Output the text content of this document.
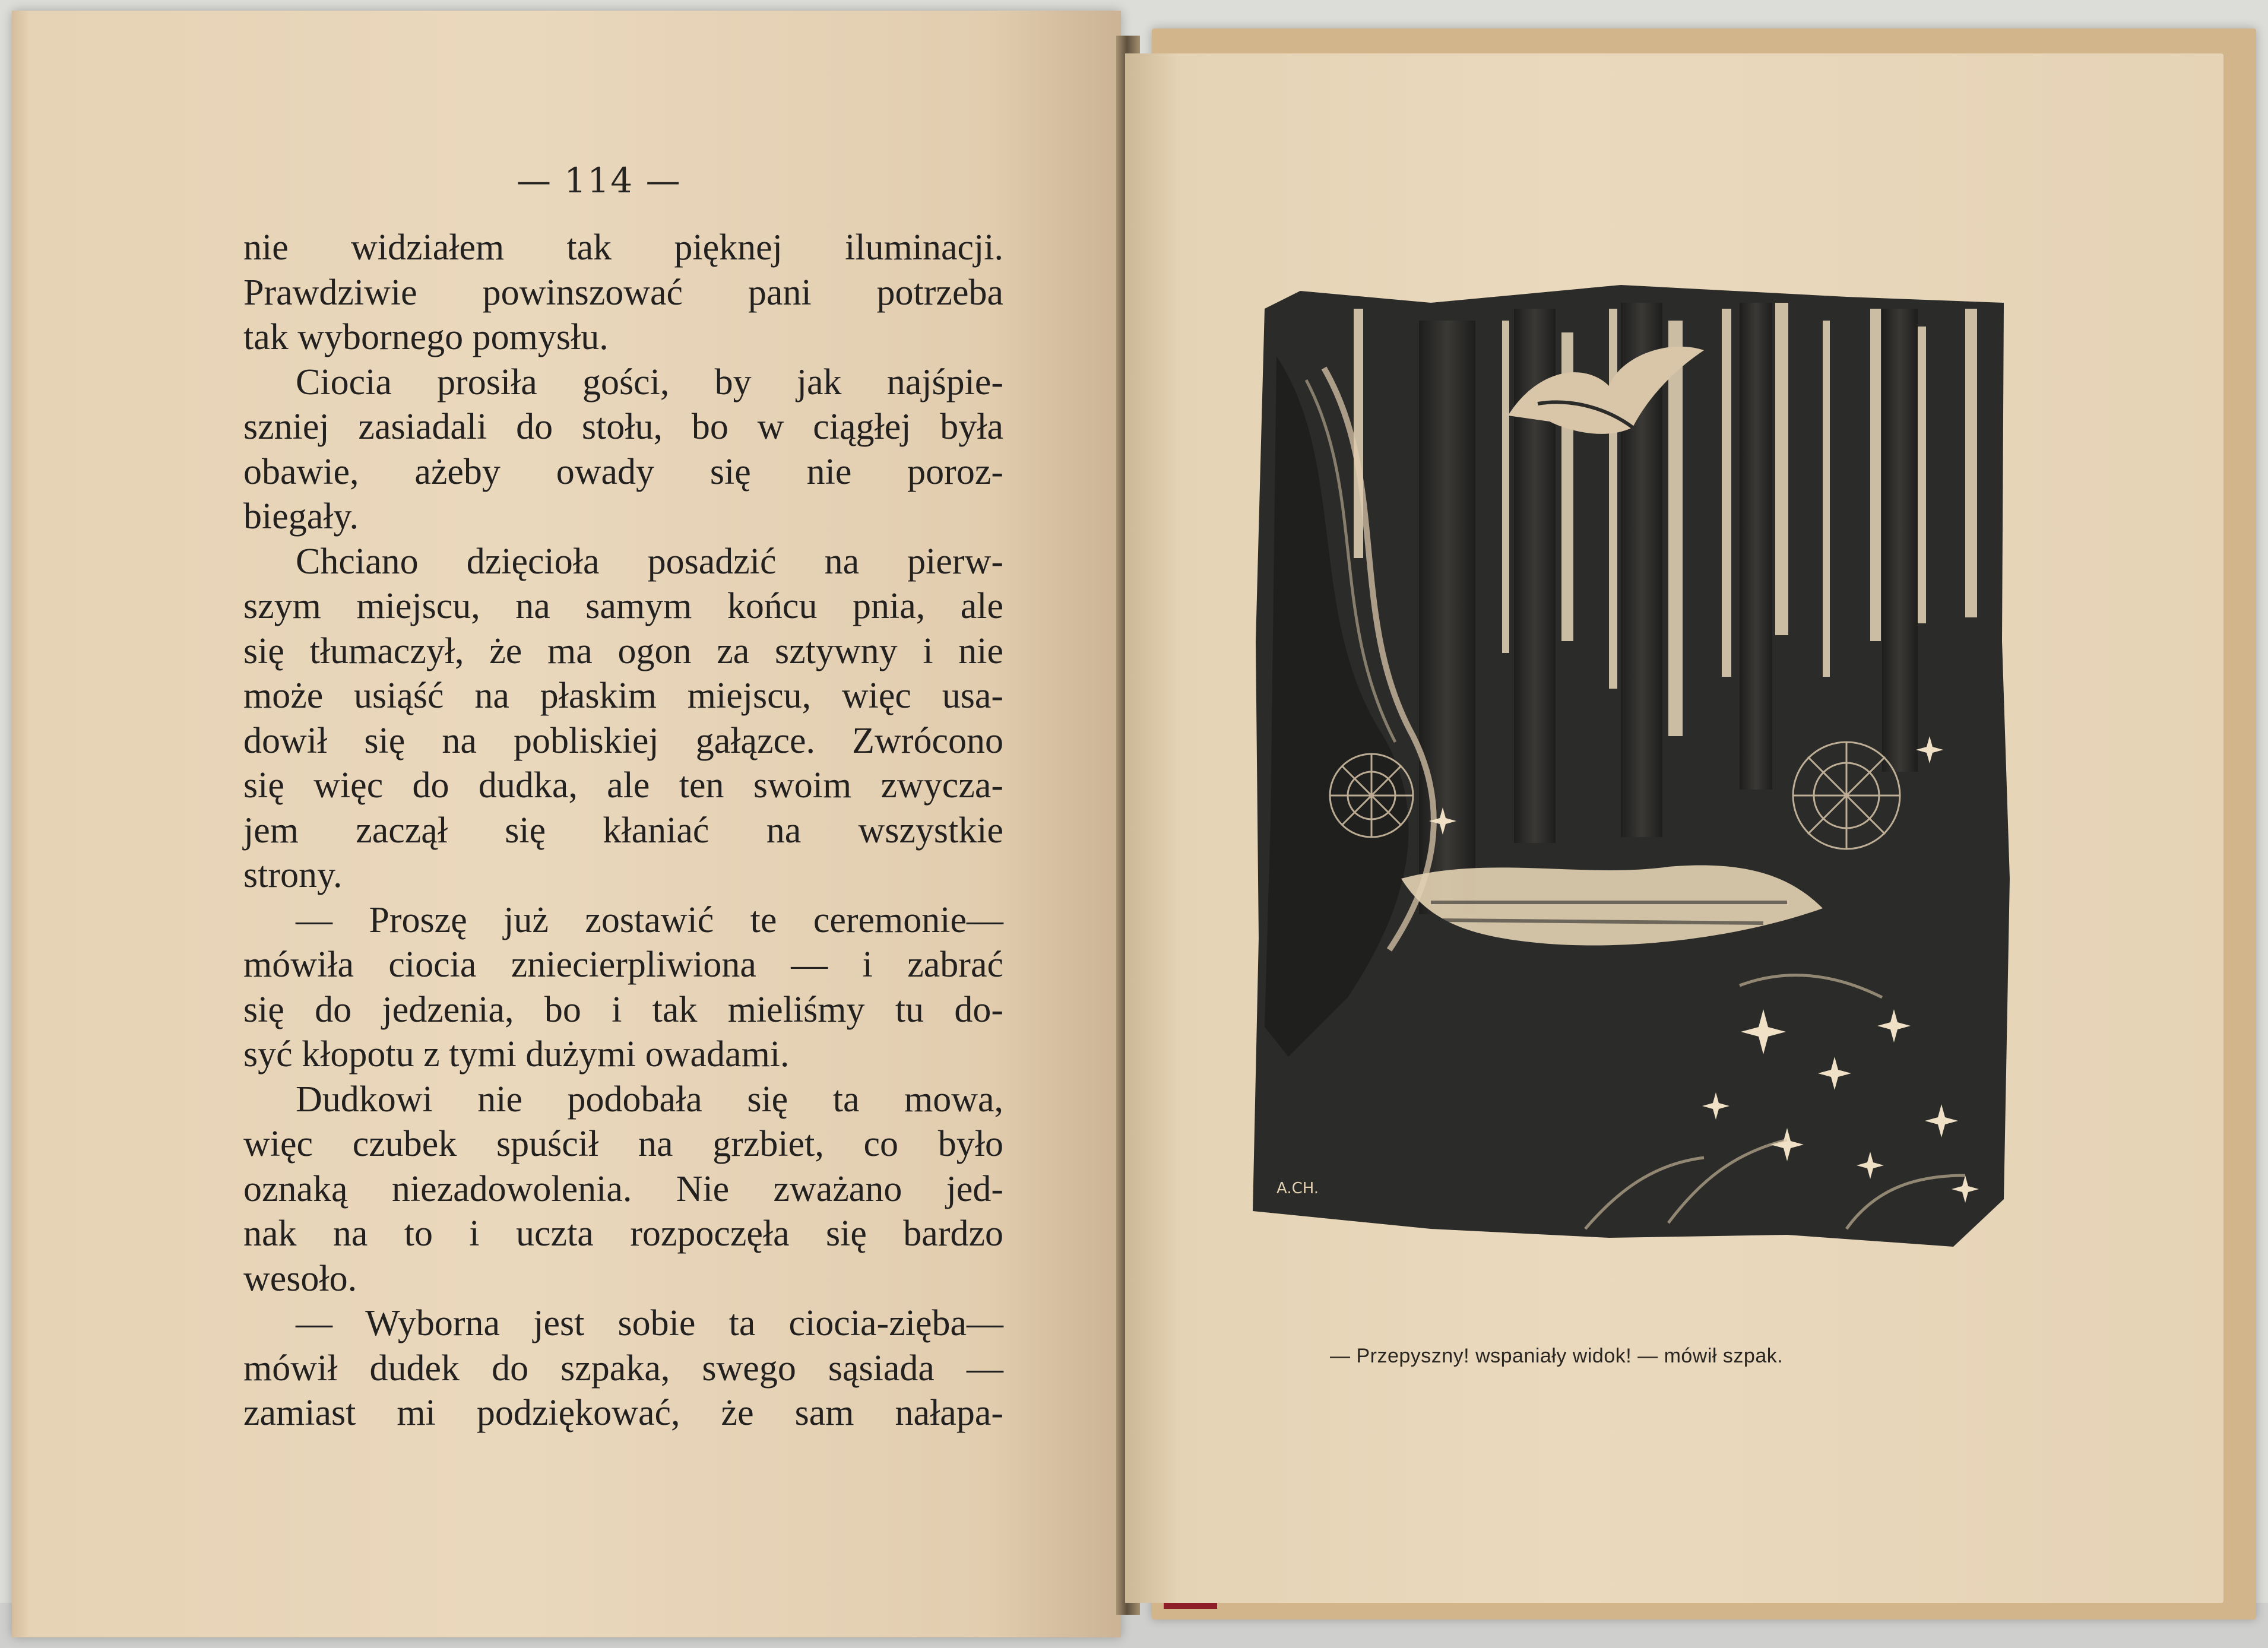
— 114 —
nie widziałem tak pięknej iluminacji.
Prawdziwie powinszować pani potrzeba
tak wybornego pomysłu.
Ciocia prosiła gości, by jak najśpie-
szniej zasiadali do stołu, bo w ciągłej była
obawie, ażeby owady się nie poroz-
biegały.
Chciano dzięcioła posadzić na pierw-
szym miejscu, na samym końcu pnia, ale
się tłumaczył, że ma ogon za sztywny i nie
może usiąść na płaskim miejscu, więc usa-
dowił się na pobliskiej gałązce. Zwrócono
się więc do dudka, ale ten swoim zwycza-
jem zaczął się kłaniać na wszystkie
strony.
— Proszę już zostawić te ceremonie—
mówiła ciocia zniecierpliwiona — i zabrać
się do jedzenia, bo i tak mieliśmy tu do-
syć kłopotu z tymi dużymi owadami.
Dudkowi nie podobała się ta mowa,
więc czubek spuścił na grzbiet, co było
oznaką niezadowolenia. Nie zważano jed-
nak na to i uczta rozpoczęła się bardzo
wesoło.
— Wyborna jest sobie ta ciocia-zięba—
mówił dudek do szpaka, swego sąsiada —
zamiast mi podziękować, że sam nałapa-
A.CH.
— Przepyszny! wspaniały widok! — mówił szpak.
